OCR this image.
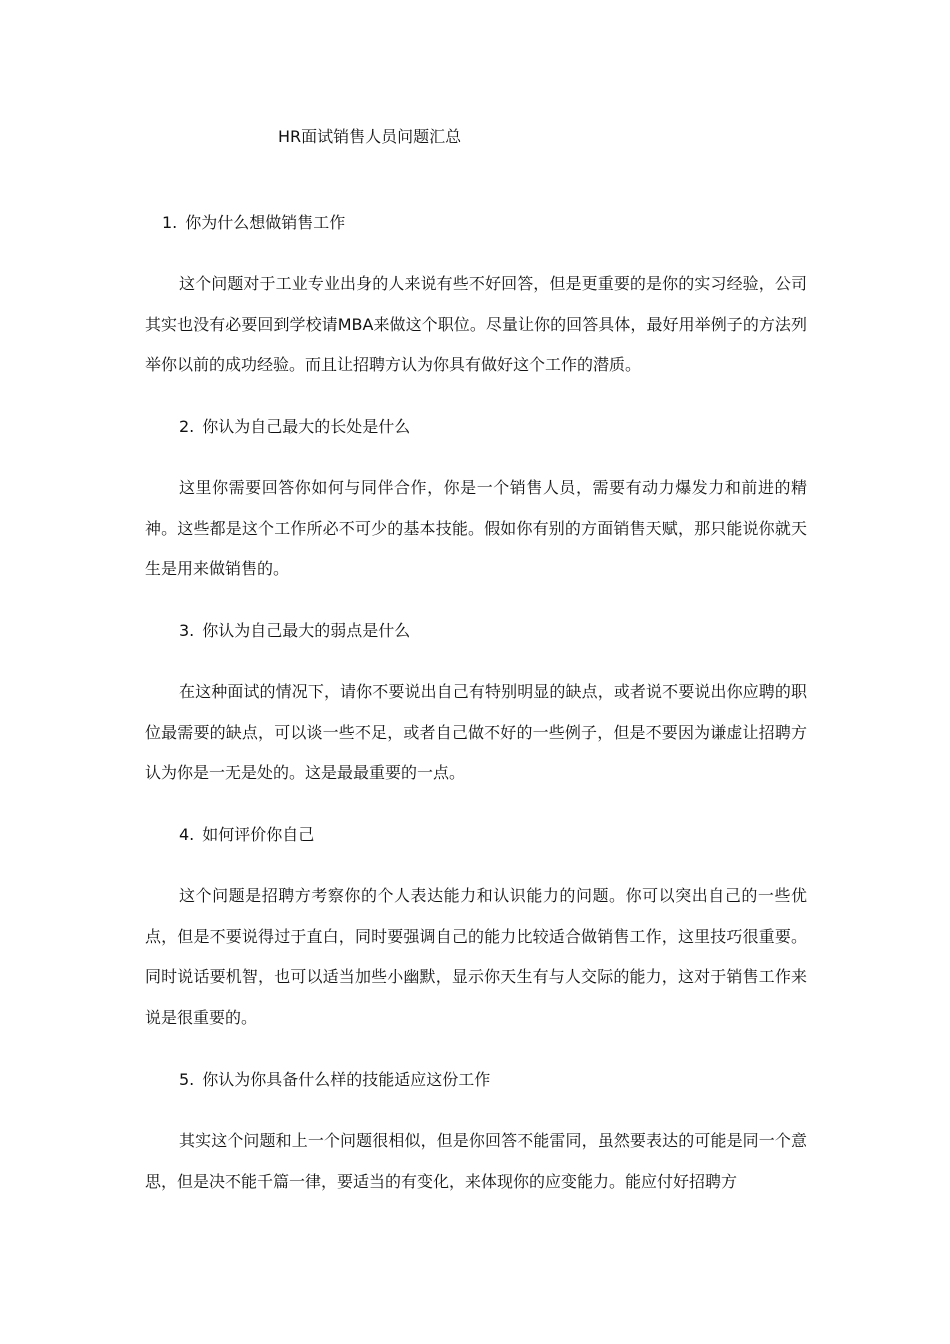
HR面试销售人员问题汇总
1. 你为什么想做销售工作

这个问题对于工业专业出身的人来说有些不好回答，但是更重要的是你的实习经验，公司其实也没有必要回到学校请MBA来做这个职位。尽量让你的回答具体，最好用举例子的方法列举你以前的成功经验。而且让招聘方认为你具有做好这个工作的潜质。

2. 你认为自己最大的长处是什么

这里你需要回答你如何与同伴合作，你是一个销售人员，需要有动力爆发力和前进的精神。这些都是这个工作所必不可少的基本技能。假如你有别的方面销售天赋，那只能说你就天生是用来做销售的。

3. 你认为自己最大的弱点是什么

在这种面试的情况下，请你不要说出自己有特别明显的缺点，或者说不要说出你应聘的职位最需要的缺点，可以谈一些不足，或者自己做不好的一些例子，但是不要因为谦虚让招聘方认为你是一无是处的。这是最最重要的一点。

4. 如何评价你自己

这个问题是招聘方考察你的个人表达能力和认识能力的问题。你可以突出自己的一些优点，但是不要说得过于直白，同时要强调自己的能力比较适合做销售工作，这里技巧很重要。同时说话要机智，也可以适当加些小幽默，显示你天生有与人交际的能力，这对于销售工作来说是很重要的。

5. 你认为你具备什么样的技能适应这份工作

其实这个问题和上一个问题很相似，但是你回答不能雷同，虽然要表达的可能是同一个意思，但是决不能千篇一律，要适当的有变化，来体现你的应变能力。能应付好招聘方
